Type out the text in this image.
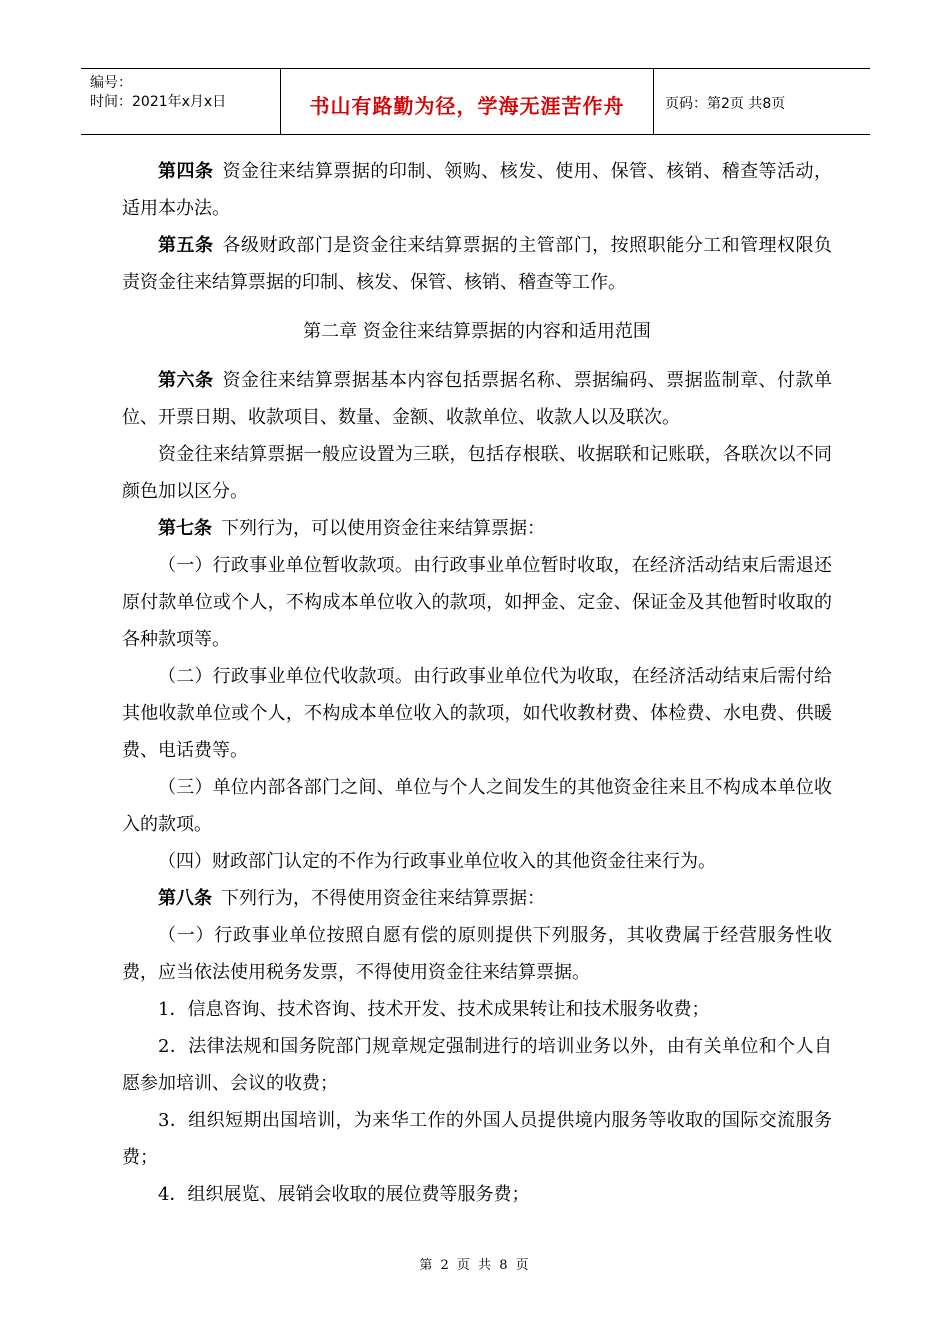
编号：
时间：2021年x月x日	书山有路勤为径，学海无涯苦作舟	页码：第2页 共8页

第四条 资金往来结算票据的印制、领购、核发、使用、保管、核销、稽查等活动，适用本办法。

第五条 各级财政部门是资金往来结算票据的主管部门，按照职能分工和管理权限负责资金往来结算票据的印制、核发、保管、核销、稽查等工作。

第二章 资金往来结算票据的内容和适用范围

第六条 资金往来结算票据基本内容包括票据名称、票据编码、票据监制章、付款单位、开票日期、收款项目、数量、金额、收款单位、收款人以及联次。

资金往来结算票据一般应设置为三联，包括存根联、收据联和记账联，各联次以不同颜色加以区分。

第七条 下列行为，可以使用资金往来结算票据：

（一）行政事业单位暂收款项。由行政事业单位暂时收取，在经济活动结束后需退还原付款单位或个人，不构成本单位收入的款项，如押金、定金、保证金及其他暂时收取的各种款项等。

（二）行政事业单位代收款项。由行政事业单位代为收取，在经济活动结束后需付给其他收款单位或个人，不构成本单位收入的款项，如代收教材费、体检费、水电费、供暖费、电话费等。

（三）单位内部各部门之间、单位与个人之间发生的其他资金往来且不构成本单位收入的款项。

（四）财政部门认定的不作为行政事业单位收入的其他资金往来行为。

第八条 下列行为，不得使用资金往来结算票据：

（一）行政事业单位按照自愿有偿的原则提供下列服务，其收费属于经营服务性收费，应当依法使用税务发票，不得使用资金往来结算票据。

1．信息咨询、技术咨询、技术开发、技术成果转让和技术服务收费；

2．法律法规和国务院部门规章规定强制进行的培训业务以外，由有关单位和个人自愿参加培训、会议的收费；

3．组织短期出国培训，为来华工作的外国人员提供境内服务等收取的国际交流服务费；

4．组织展览、展销会收取的展位费等服务费；

第 2 页 共 8 页
